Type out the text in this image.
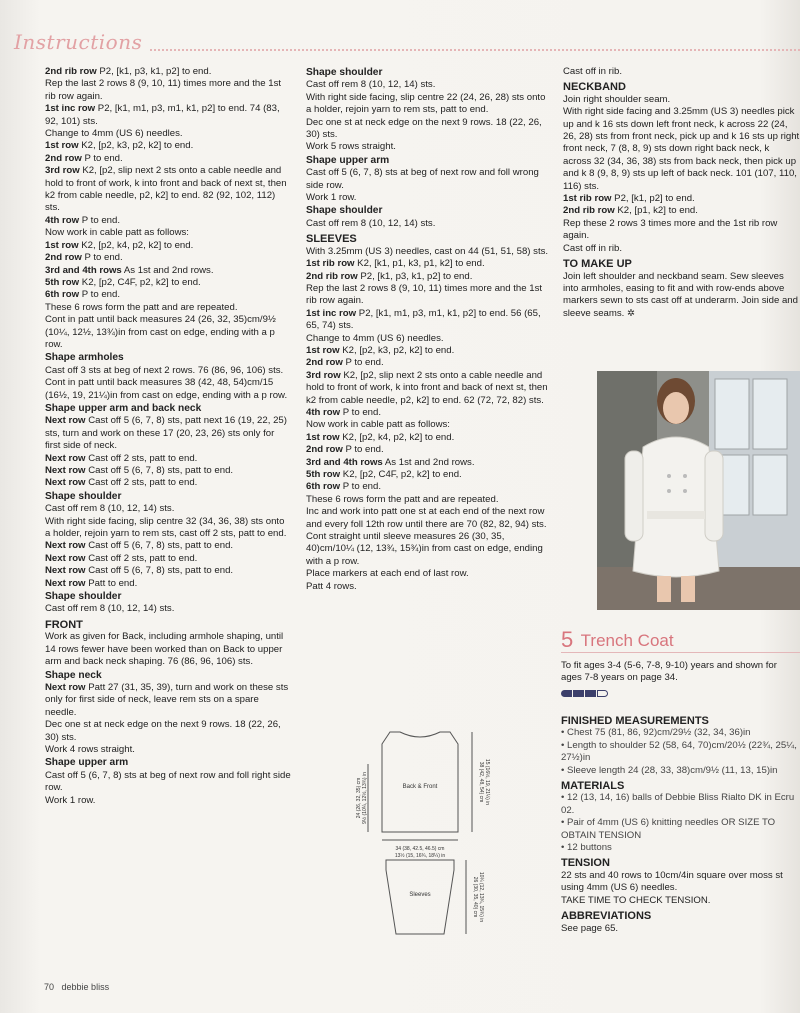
Instructions

2nd rib row P2, [k1, p3, k1, p2] to end.

Rep the last 2 rows 8 (9, 10, 11) times more and the 1st rib row again.

1st inc row P2, [k1, m1, p3, m1, k1, p2] to end. 74 (83, 92, 101) sts.

Change to 4mm (US 6) needles.

1st row K2, [p2, k3, p2, k2] to end.

2nd row P to end.

3rd row K2, [p2, slip next 2 sts onto a cable needle and hold to front of work, k into front and back of next st, then k2 from cable needle, p2, k2] to end. 82 (92, 102, 112) sts.

4th row P to end.

Now work in cable patt as follows:

1st row K2, [p2, k4, p2, k2] to end.

2nd row P to end.

3rd and 4th rows As 1st and 2nd rows.

5th row K2, [p2, C4F, p2, k2] to end.

6th row P to end.

These 6 rows form the patt and are repeated.

Cont in patt until back measures 24 (26, 32, 35)cm/9½ (10¼, 12½, 13¾)in from cast on edge, ending with a p row.

Shape armholes

Cast off 3 sts at beg of next 2 rows. 76 (86, 96, 106) sts.

Cont in patt until back measures 38 (42, 48, 54)cm/15 (16½, 19, 21¼)in from cast on edge, ending with a p row.

Shape upper arm and back neck

Next row Cast off 5 (6, 7, 8) sts, patt next 16 (19, 22, 25) sts, turn and work on these 17 (20, 23, 26) sts only for first side of neck.

Next row Cast off 2 sts, patt to end.

Next row Cast off 5 (6, 7, 8) sts, patt to end.

Next row Cast off 2 sts, patt to end.

Shape shoulder

Cast off rem 8 (10, 12, 14) sts.

With right side facing, slip centre 32 (34, 36, 38) sts onto a holder, rejoin yarn to rem sts, cast off 2 sts, patt to end.

Next row Cast off 5 (6, 7, 8) sts, patt to end.

Next row Cast off 2 sts, patt to end.

Next row Cast off 5 (6, 7, 8) sts, patt to end.

Next row Patt to end.

Shape shoulder

Cast off rem 8 (10, 12, 14) sts.

FRONT

Work as given for Back, including armhole shaping, until 14 rows fewer have been worked than on Back to upper arm and back neck shaping. 76 (86, 96, 106) sts.

Shape neck

Next row Patt 27 (31, 35, 39), turn and work on these sts only for first side of neck, leave rem sts on a spare needle.

Dec one st at neck edge on the next 9 rows. 18 (22, 26, 30) sts.

Work 4 rows straight.

Shape upper arm

Cast off 5 (6, 7, 8) sts at beg of next row and foll right side row.

Work 1 row.

Shape shoulder

Cast off rem 8 (10, 12, 14) sts.

With right side facing, slip centre 22 (24, 26, 28) sts onto a holder, rejoin yarn to rem sts, patt to end.

Dec one st at neck edge on the next 9 rows. 18 (22, 26, 30) sts.

Work 5 rows straight.

Shape upper arm

Cast off 5 (6, 7, 8) sts at beg of next row and foll wrong side row.

Work 1 row.

Shape shoulder

Cast off rem 8 (10, 12, 14) sts.

SLEEVES

With 3.25mm (US 3) needles, cast on 44 (51, 51, 58) sts.

1st rib row K2, [k1, p1, k3, p1, k2] to end.

2nd rib row P2, [k1, p3, k1, p2] to end.

Rep the last 2 rows 8 (9, 10, 11) times more and the 1st rib row again.

1st inc row P2, [k1, m1, p3, m1, k1, p2] to end. 56 (65, 65, 74) sts.

Change to 4mm (US 6) needles.

1st row K2, [p2, k3, p2, k2] to end.

2nd row P to end.

3rd row K2, [p2, slip next 2 sts onto a cable needle and hold to front of work, k into front and back of next st, then k2 from cable needle, p2, k2] to end. 62 (72, 72, 82) sts.

4th row P to end.

Now work in cable patt as follows:

1st row K2, [p2, k4, p2, k2] to end.

2nd row P to end.

3rd and 4th rows As 1st and 2nd rows.

5th row K2, [p2, C4F, p2, k2] to end.

6th row P to end.

These 6 rows form the patt and are repeated.

Inc and work into patt one st at each end of the next row and every foll 12th row until there are 70 (82, 82, 94) sts.

Cont straight until sleeve measures 26 (30, 35, 40)cm/10¼ (12, 13¾, 15¾)in from cast on edge, ending with a p row.

Place markers at each end of last row.

Patt 4 rows.

Cast off in rib.

NECKBAND

Join right shoulder seam.

With right side facing and 3.25mm (US 3) needles pick up and k 16 sts down left front neck, k across 22 (24, 26, 28) sts from front neck, pick up and k 16 sts up right front neck, 7 (8, 8, 9) sts down right back neck, k across 32 (34, 36, 38) sts from back neck, then pick up and k 8 (9, 8, 9) sts up left of back neck. 101 (107, 110, 116) sts.

1st rib row P2, [k1, p2] to end.

2nd rib row K2, [p1, k2] to end.

Rep these 2 rows 3 times more and the 1st rib row again.

Cast off in rib.

TO MAKE UP

Join left shoulder and neckband seam. Sew sleeves into armholes, easing to fit and with row-ends above markers sewn to sts cast off at underarm. Join side and sleeve seams. ✲

5 Trench Coat

To fit ages 3-4 (5-6, 7-8, 9-10) years and shown for ages 7-8 years on page 34.

FINISHED MEASUREMENTS

• Chest 75 (81, 86, 92)cm/29½ (32, 34, 36)in

• Length to shoulder 52 (58, 64, 70)cm/20½ (22¾, 25¼, 27½)in

• Sleeve length 24 (28, 33, 38)cm/9½ (11, 13, 15)in

MATERIALS

• 12 (13, 14, 16) balls of Debbie Bliss Rialto DK in Ecru 02.

• Pair of 4mm (US 6) knitting needles OR SIZE TO OBTAIN TENSION

• 12 buttons

TENSION

22 sts and 40 rows to 10cm/4in square over moss st using 4mm (US 6) needles.

TAKE TIME TO CHECK TENSION.

ABBREVIATIONS

See page 65.

Back & Front
34 (38, 42.5, 46.5) cm
13½ (15, 16¾, 18¼) in
24 (26, 32, 35) cm 9½ (10¼, 12½, 13¾) in	38 (42, 48, 54) cm 15 (16½, 19, 21¼) in
Sleeves	26 (30, 35, 40) cm 10¼ (12, 13¾, 15¾) in
70 debbie bliss
